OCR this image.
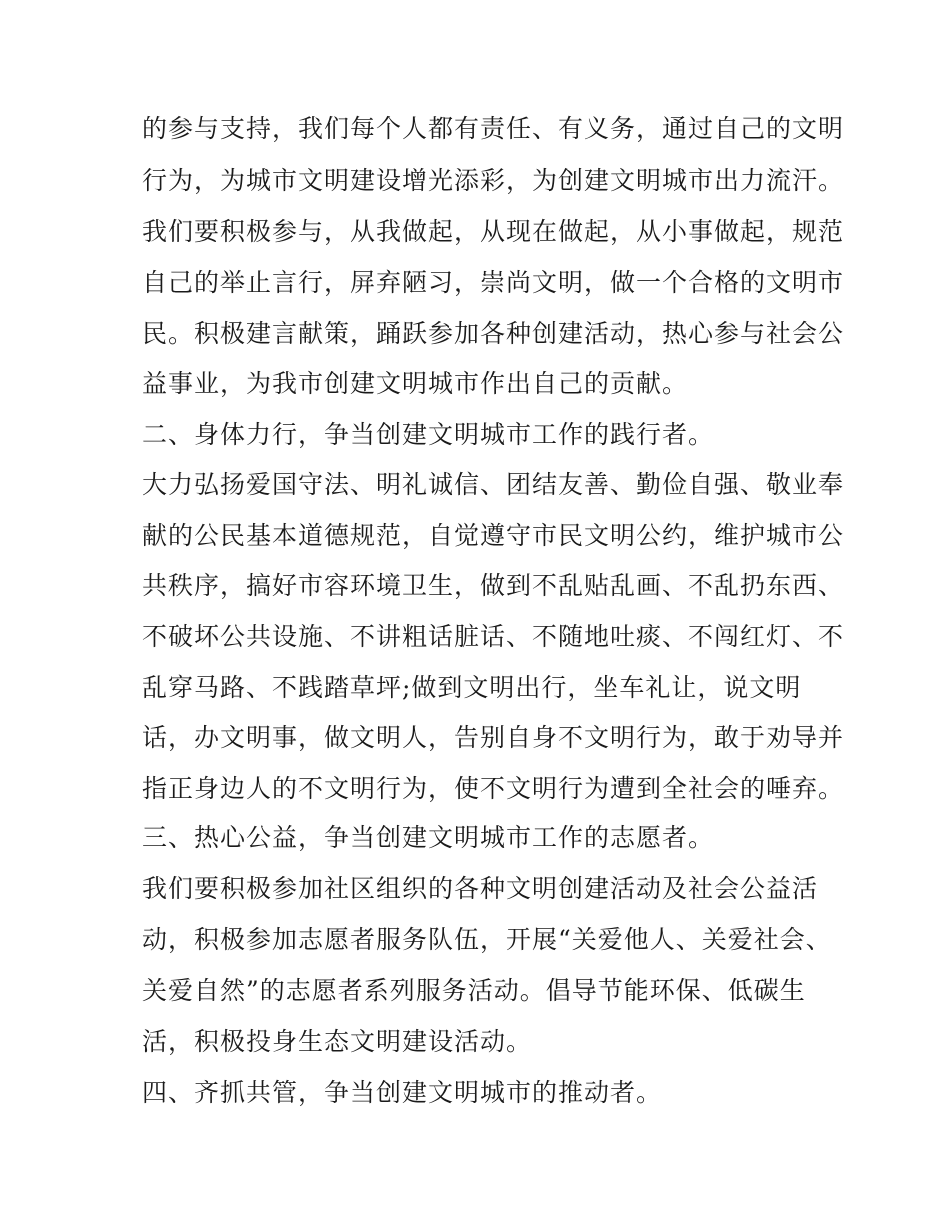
的参与支持，我们每个人都有责任、有义务，通过自己的文明
行为，为城市文明建设增光添彩，为创建文明城市出力流汗。
我们要积极参与，从我做起，从现在做起，从小事做起，规范
自己的举止言行，屏弃陋习，崇尚文明，做一个合格的文明市
民。积极建言献策，踊跃参加各种创建活动，热心参与社会公
益事业，为我市创建文明城市作出自己的贡献。
二、身体力行，争当创建文明城市工作的践行者。
大力弘扬爱国守法、明礼诚信、团结友善、勤俭自强、敬业奉
献的公民基本道德规范，自觉遵守市民文明公约，维护城市公
共秩序，搞好市容环境卫生，做到不乱贴乱画、不乱扔东西、
不破坏公共设施、不讲粗话脏话、不随地吐痰、不闯红灯、不
乱穿马路、不践踏草坪;做到文明出行，坐车礼让，说文明
话，办文明事，做文明人，告别自身不文明行为，敢于劝导并
指正身边人的不文明行为，使不文明行为遭到全社会的唾弃。
三、热心公益，争当创建文明城市工作的志愿者。
我们要积极参加社区组织的各种文明创建活动及社会公益活
动，积极参加志愿者服务队伍，开展“关爱他人、关爱社会、
关爱自然”的志愿者系列服务活动。倡导节能环保、低碳生
活，积极投身生态文明建设活动。
四、齐抓共管，争当创建文明城市的推动者。
